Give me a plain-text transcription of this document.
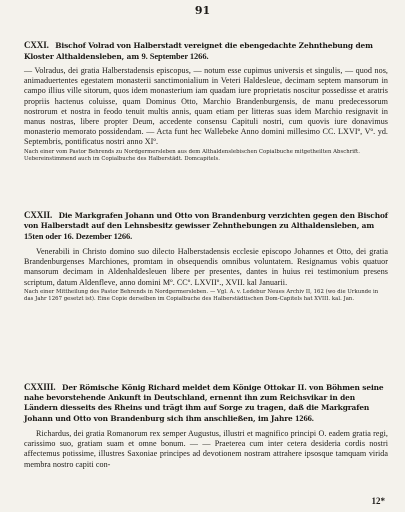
91

CXXI. Bischof Volrad von Halberstadt vereignet die ebengedachte Zehnthebung dem Kloster Althaldensleben, am 9. September 1266.

— Volradus, dei gratia Halberstadensis episcopus, — notum esse cupimus universis et singulis, — quod nos, animaduertentes egestatem monasterii sanctimonialium in Veteri Haldesleue, decimam septem mansorum in campo illius ville sitorum, quos idem monasterium iam quadam iure proprietatis noscitur possedisse et aratris propriis hactenus coluisse, quam Dominus Otto, Marchio Brandenburgensis, de manu predecessorum nostrorum et nostra in feodo tenuit multis annis, quam etiam per litteras suas idem Marchio resignavit in manus nostras, libere propter Deum, accedente consensu Capituli nostri, cum quovis iure donavimus monasterio memorato possidendam. — Acta funt hec Wallebeke Anno domini millesimo CC. LXVIº, Vº. yd. Septembris, pontificatus nostri anno XIº.

Nach einer vom Pastor Behrends zu Nordgermersleben aus dem Althaldenslebischen Copialbuche mitgetheilten Abschrift. Uebereinstimmend auch im Copialbuche des Halberstädt. Domcapitels.

CXXII. Die Markgrafen Johann und Otto von Brandenburg verzichten gegen den Bischof von Halberstadt auf den Lehnsbesitz gewisser Zehnthebungen zu Althaldensleben, am 15ten oder 16. Dezember 1266.

Venerabili in Christo domino suo dilecto Halberstadensis ecclesie episcopo Johannes et Otto, dei gratia Brandenburgenses Marchiones, promtam in obsequendis omnibus voluntatem. Resignamus vobis quatuor mansorum decimam in Aldenhaldesleuen libere per presentes, dantes in huius rei testimonium presens scriptum, datum Aldenfleve, anno domini Mº. CCº. LXVIIº., XVII. kal Januarii.

Nach einer Mittheilung des Pastor Behrends in Nordgermersleben. — Vgl. A. v. Ledebur Neues Archiv II, 162 (wo die Urkunde in das Jahr 1267 gesetzt ist). Eine Copie derselben im Copialbuche des Halberstädtischen Dom-Capitels hat XVIII. kal. Jan.

CXXIII. Der Römische König Richard meldet dem Könige Ottokar II. von Böhmen seine nahe bevorstehende Ankunft in Deutschland, ernennt ihn zum Reichsvikar in den Ländern diesseits des Rheins und trägt ihm auf Sorge zu tragen, daß die Markgrafen Johann und Otto von Brandenburg sich ihm anschließen, im Jahre 1266.

Richardus, dei gratia Romanorum rex semper Augustus, illustri et magnifico principi O. eadem gratia regi, carissimo suo, gratiam suam et omne bonum. — — Praeterea cum inter cetera desideria cordis nostri affectemus potissime, illustres Saxoniae principes ad devotionem nostram attrahere ipsosque tamquam virida membra nostro capiti con-

12*
